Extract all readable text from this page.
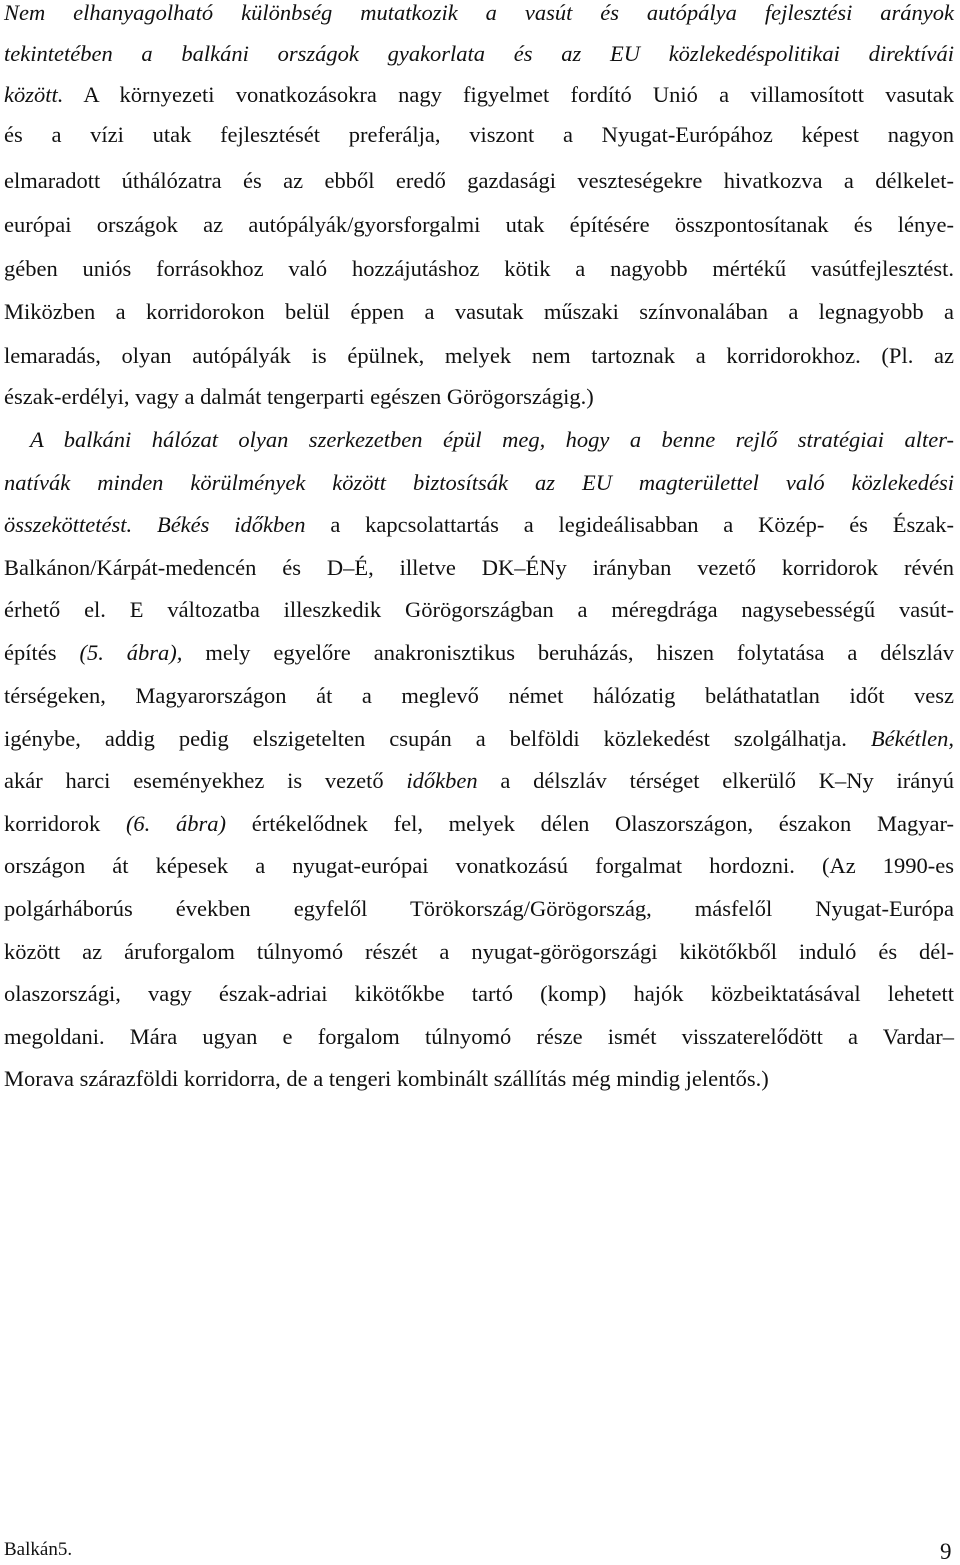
Nem elhanyagolható különbség mutatkozik a vasút és autópálya fejlesztési arányok
tekintetében a balkáni országok gyakorlata és az EU közlekedéspolitikai direktívái
között. A környezeti vonatkozásokra nagy figyelmet fordító Unió a villamosított vasutak
és a vízi utak fejlesztését preferálja, viszont a Nyugat-Európához képest nagyon
elmaradott úthálózatra és az ebből eredő gazdasági veszteségekre hivatkozva a délkelet-
európai országok az autópályák/gyorsforgalmi utak építésére összpontosítanak és lénye-
gében uniós forrásokhoz való hozzájutáshoz kötik a nagyobb mértékű vasútfejlesztést.
Miközben a korridorokon belül éppen a vasutak műszaki színvonalában a legnagyobb a
lemaradás, olyan autópályák is épülnek, melyek nem tartoznak a korridorokhoz. (Pl. az
észak-erdélyi, vagy a dalmát tengerparti egészen Görögországig.)
A balkáni hálózat olyan szerkezetben épül meg, hogy a benne rejlő stratégiai alter-
natívák minden körülmények között biztosítsák az EU magterülettel való közlekedési
összeköttetést. Békés időkben a kapcsolattartás a legideálisabban a Közép- és Észak-
Balkánon/Kárpát-medencén és D–É, illetve DK–ÉNy irányban vezető korridorok révén
érhető el. E változatba illeszkedik Görögországban a méregdrága nagysebességű vasút-
építés (5. ábra), mely egyelőre anakronisztikus beruházás, hiszen folytatása a délszláv
térségeken, Magyarországon át a meglevő német hálózatig beláthatatlan időt vesz
igénybe, addig pedig elszigetelten csupán a belföldi közlekedést szolgálhatja. Békétlen,
akár harci eseményekhez is vezető időkben a délszláv térséget elkerülő K–Ny irányú
korridorok (6. ábra) értékelődnek fel, melyek délen Olaszországon, északon Magyar-
országon át képesek a nyugat-európai vonatkozású forgalmat hordozni. (Az 1990-es
polgárháborús években egyfelől Törökország/Görögország, másfelől Nyugat-Európa
között az áruforgalom túlnyomó részét a nyugat-görögországi kikötőkből induló és dél-
olaszországi, vagy észak-adriai kikötőkbe tartó (komp) hajók közbeiktatásával lehetett
megoldani. Mára ugyan e forgalom túlnyomó része ismét visszaterelődött a Vardar–
Morava szárazföldi korridorra, de a tengeri kombinált szállítás még mindig jelentős.)
Balkán5.	9
